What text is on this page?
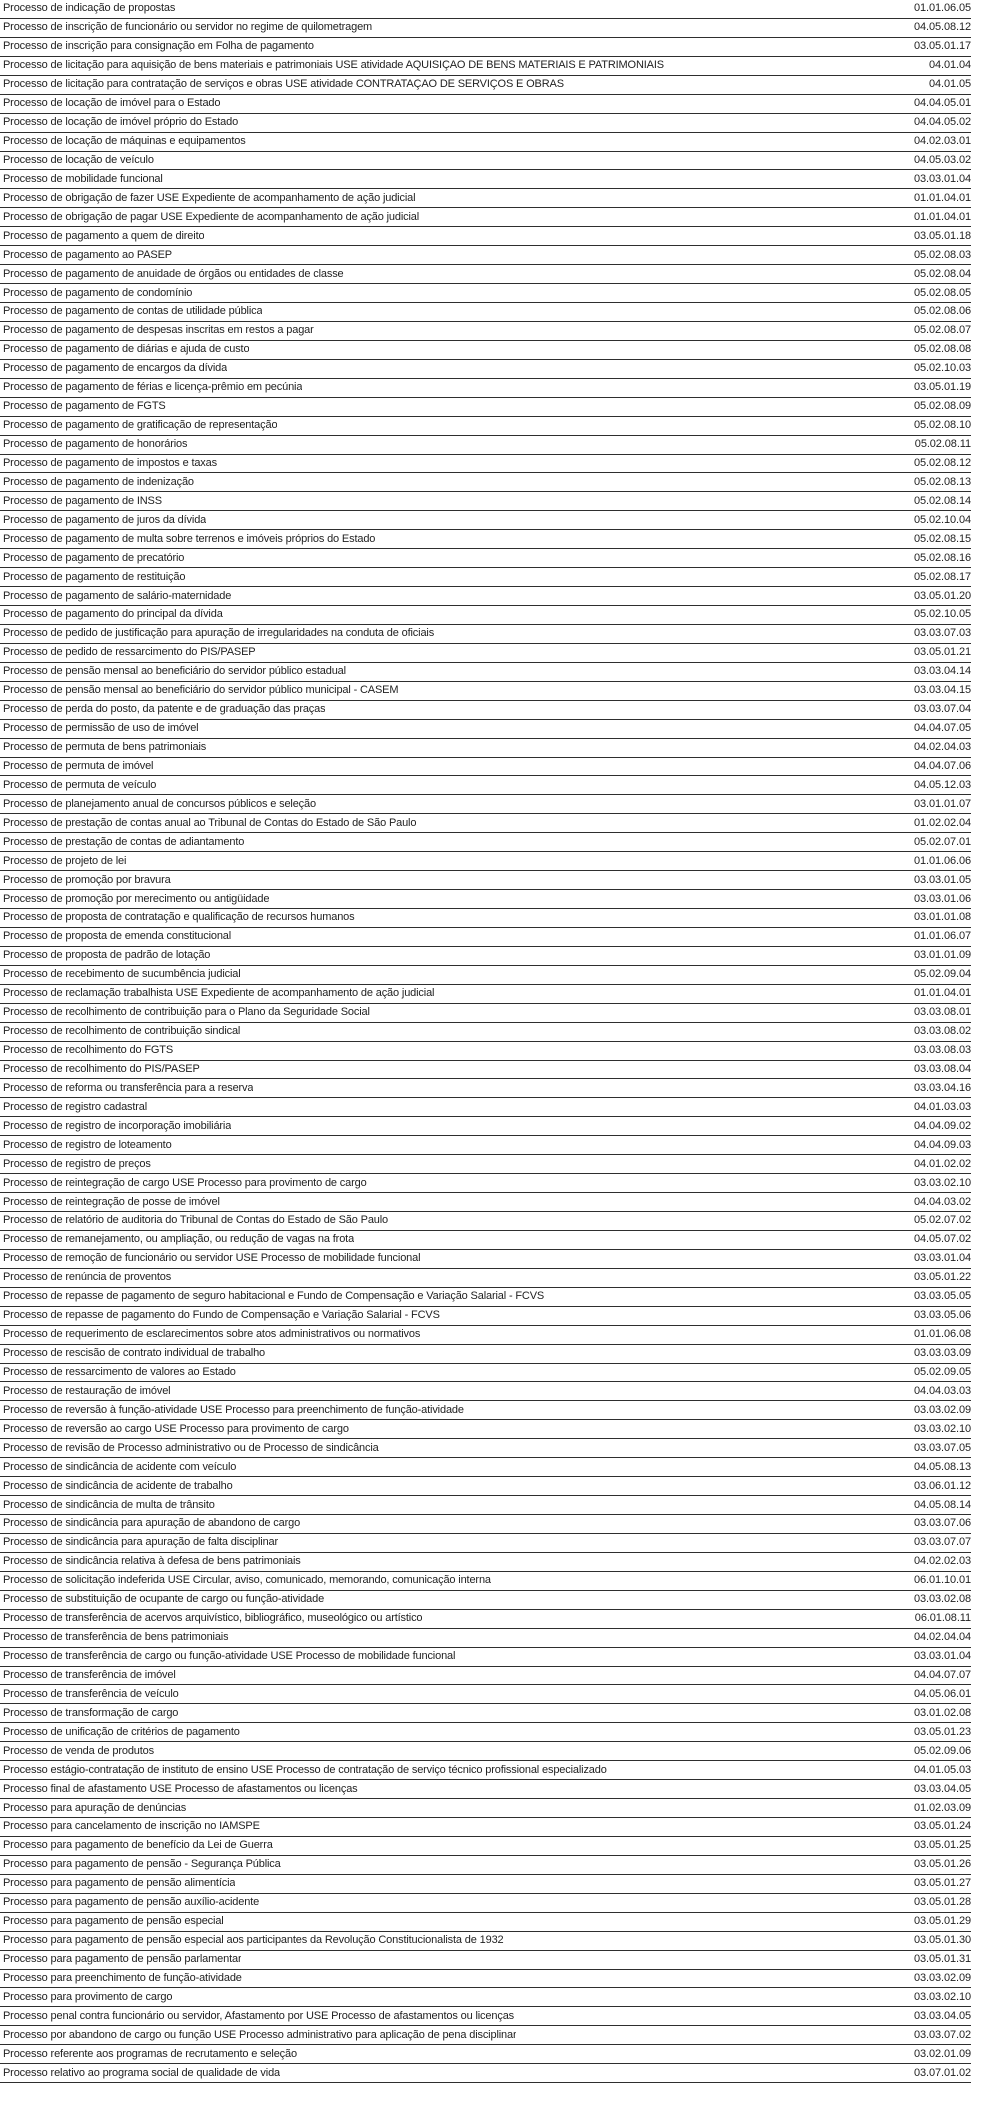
Processo de indicação de propostas	01.01.06.05
Processo de inscrição de funcionário ou servidor no regime de quilometragem	04.05.08.12
Processo de inscrição para consignação em Folha de pagamento	03.05.01.17
Processo de licitação para aquisição de bens materiais e patrimoniais USE atividade AQUISIÇÃO DE BENS MATERIAIS E PATRIMONIAIS	04.01.04
Processo de licitação para contratação de serviços e obras USE atividade CONTRATAÇÃO DE SERVIÇOS E OBRAS	04.01.05
Processo de locação de imóvel para o Estado	04.04.05.01
Processo de locação de imóvel próprio do Estado	04.04.05.02
Processo de locação de máquinas e equipamentos	04.02.03.01
Processo de locação de veículo	04.05.03.02
Processo de mobilidade funcional	03.03.01.04
Processo de obrigação de fazer USE Expediente de acompanhamento de ação judicial	01.01.04.01
Processo de obrigação de pagar USE Expediente de acompanhamento de ação judicial	01.01.04.01
Processo de pagamento a quem de direito	03.05.01.18
Processo de pagamento ao PASEP	05.02.08.03
Processo de pagamento de anuidade de órgãos ou entidades de classe	05.02.08.04
Processo de pagamento de condomínio	05.02.08.05
Processo de pagamento de contas de utilidade pública	05.02.08.06
Processo de pagamento de despesas inscritas em restos a pagar	05.02.08.07
Processo de pagamento de diárias e ajuda de custo	05.02.08.08
Processo de pagamento de encargos da dívida	05.02.10.03
Processo de pagamento de férias e licença-prêmio em pecúnia	03.05.01.19
Processo de pagamento de FGTS	05.02.08.09
Processo de pagamento de gratificação de representação	05.02.08.10
Processo de pagamento de honorários	05.02.08.11
Processo de pagamento de impostos e taxas	05.02.08.12
Processo de pagamento de indenização	05.02.08.13
Processo de pagamento de INSS	05.02.08.14
Processo de pagamento de juros da dívida	05.02.10.04
Processo de pagamento de multa sobre terrenos e imóveis próprios do Estado	05.02.08.15
Processo de pagamento de precatório	05.02.08.16
Processo de pagamento de restituição	05.02.08.17
Processo de pagamento de salário-maternidade	03.05.01.20
Processo de pagamento do principal da dívida	05.02.10.05
Processo de pedido de justificação para apuração de irregularidades na conduta de oficiais	03.03.07.03
Processo de pedido de ressarcimento do PIS/PASEP	03.05.01.21
Processo de pensão mensal ao beneficiário do servidor público estadual	03.03.04.14
Processo de pensão mensal ao beneficiário do servidor público municipal - CASEM	03.03.04.15
Processo de perda do posto, da patente e de graduação das praças	03.03.07.04
Processo de permissão de uso de imóvel	04.04.07.05
Processo de permuta de bens patrimoniais	04.02.04.03
Processo de permuta de imóvel	04.04.07.06
Processo de permuta de veículo	04.05.12.03
Processo de planejamento anual de concursos públicos e seleção	03.01.01.07
Processo de prestação de contas anual ao Tribunal de Contas do Estado de São Paulo	01.02.02.04
Processo de prestação de contas de adiantamento	05.02.07.01
Processo de projeto de lei	01.01.06.06
Processo de promoção por bravura	03.03.01.05
Processo de promoção por merecimento ou antigüidade	03.03.01.06
Processo de proposta de contratação e qualificação de recursos humanos	03.01.01.08
Processo de proposta de emenda constitucional	01.01.06.07
Processo de proposta de padrão de lotação	03.01.01.09
Processo de recebimento de sucumbência judicial	05.02.09.04
Processo de reclamação trabalhista USE Expediente de acompanhamento de ação judicial	01.01.04.01
Processo de recolhimento de contribuição para o Plano da Seguridade Social	03.03.08.01
Processo de recolhimento de contribuição sindical	03.03.08.02
Processo de recolhimento do FGTS	03.03.08.03
Processo de recolhimento do PIS/PASEP	03.03.08.04
Processo de reforma ou transferência para a reserva	03.03.04.16
Processo de registro cadastral	04.01.03.03
Processo de registro de incorporação imobiliária	04.04.09.02
Processo de registro de loteamento	04.04.09.03
Processo de registro de preços	04.01.02.02
Processo de reintegração de cargo USE Processo para provimento de cargo	03.03.02.10
Processo de reintegração de posse de imóvel	04.04.03.02
Processo de relatório de auditoria do Tribunal de Contas do Estado de São Paulo	05.02.07.02
Processo de remanejamento, ou ampliação, ou redução de vagas na frota	04.05.07.02
Processo de remoção de funcionário ou servidor USE Processo de mobilidade funcional	03.03.01.04
Processo de renúncia de proventos	03.05.01.22
Processo de repasse de pagamento de seguro habitacional e Fundo de Compensação e Variação Salarial - FCVS	03.03.05.05
Processo de repasse de pagamento do Fundo de Compensação e Variação Salarial - FCVS	03.03.05.06
Processo de requerimento de esclarecimentos sobre atos administrativos ou normativos	01.01.06.08
Processo de rescisão de contrato individual de trabalho	03.03.03.09
Processo de ressarcimento de valores ao Estado	05.02.09.05
Processo de restauração de imóvel	04.04.03.03
Processo de reversão à função-atividade USE Processo para preenchimento de função-atividade	03.03.02.09
Processo de reversão ao cargo USE Processo para provimento de cargo	03.03.02.10
Processo de revisão de Processo administrativo ou de Processo de sindicância	03.03.07.05
Processo de sindicância de acidente com veículo	04.05.08.13
Processo de sindicância de acidente de trabalho	03.06.01.12
Processo de sindicância de multa de trânsito	04.05.08.14
Processo de sindicância para apuração de abandono de cargo	03.03.07.06
Processo de sindicância para apuração de falta disciplinar	03.03.07.07
Processo de sindicância relativa à defesa de bens patrimoniais	04.02.02.03
Processo de solicitação indeferida USE Circular, aviso, comunicado, memorando, comunicação interna	06.01.10.01
Processo de substituição de ocupante de cargo ou função-atividade	03.03.02.08
Processo de transferência de acervos arquivístico, bibliográfico, museológico ou artístico	06.01.08.11
Processo de transferência de bens patrimoniais	04.02.04.04
Processo de transferência de cargo ou função-atividade USE Processo de mobilidade funcional	03.03.01.04
Processo de transferência de imóvel	04.04.07.07
Processo de transferência de veículo	04.05.06.01
Processo de transformação de cargo	03.01.02.08
Processo de unificação de critérios de pagamento	03.05.01.23
Processo de venda de produtos	05.02.09.06
Processo estágio-contratação de instituto de ensino USE Processo de contratação de serviço técnico profissional especializado	04.01.05.03
Processo final de afastamento USE Processo de afastamentos ou licenças	03.03.04.05
Processo para apuração de denúncias	01.02.03.09
Processo para cancelamento de inscrição no IAMSPE	03.05.01.24
Processo para pagamento de benefício da Lei de Guerra	03.05.01.25
Processo para pagamento de pensão - Segurança Pública	03.05.01.26
Processo para pagamento de pensão alimentícia	03.05.01.27
Processo para pagamento de pensão auxílio-acidente	03.05.01.28
Processo para pagamento de pensão especial	03.05.01.29
Processo para pagamento de pensão especial aos participantes da Revolução Constitucionalista de 1932	03.05.01.30
Processo para pagamento de pensão parlamentar	03.05.01.31
Processo para preenchimento de função-atividade	03.03.02.09
Processo para provimento de cargo	03.03.02.10
Processo penal contra funcionário ou servidor, Afastamento por USE Processo de afastamentos ou licenças	03.03.04.05
Processo por abandono de cargo ou função USE Processo administrativo para aplicação de pena disciplinar	03.03.07.02
Processo referente aos programas de recrutamento e seleção	03.02.01.09
Processo relativo ao programa social de qualidade de vida	03.07.01.02
